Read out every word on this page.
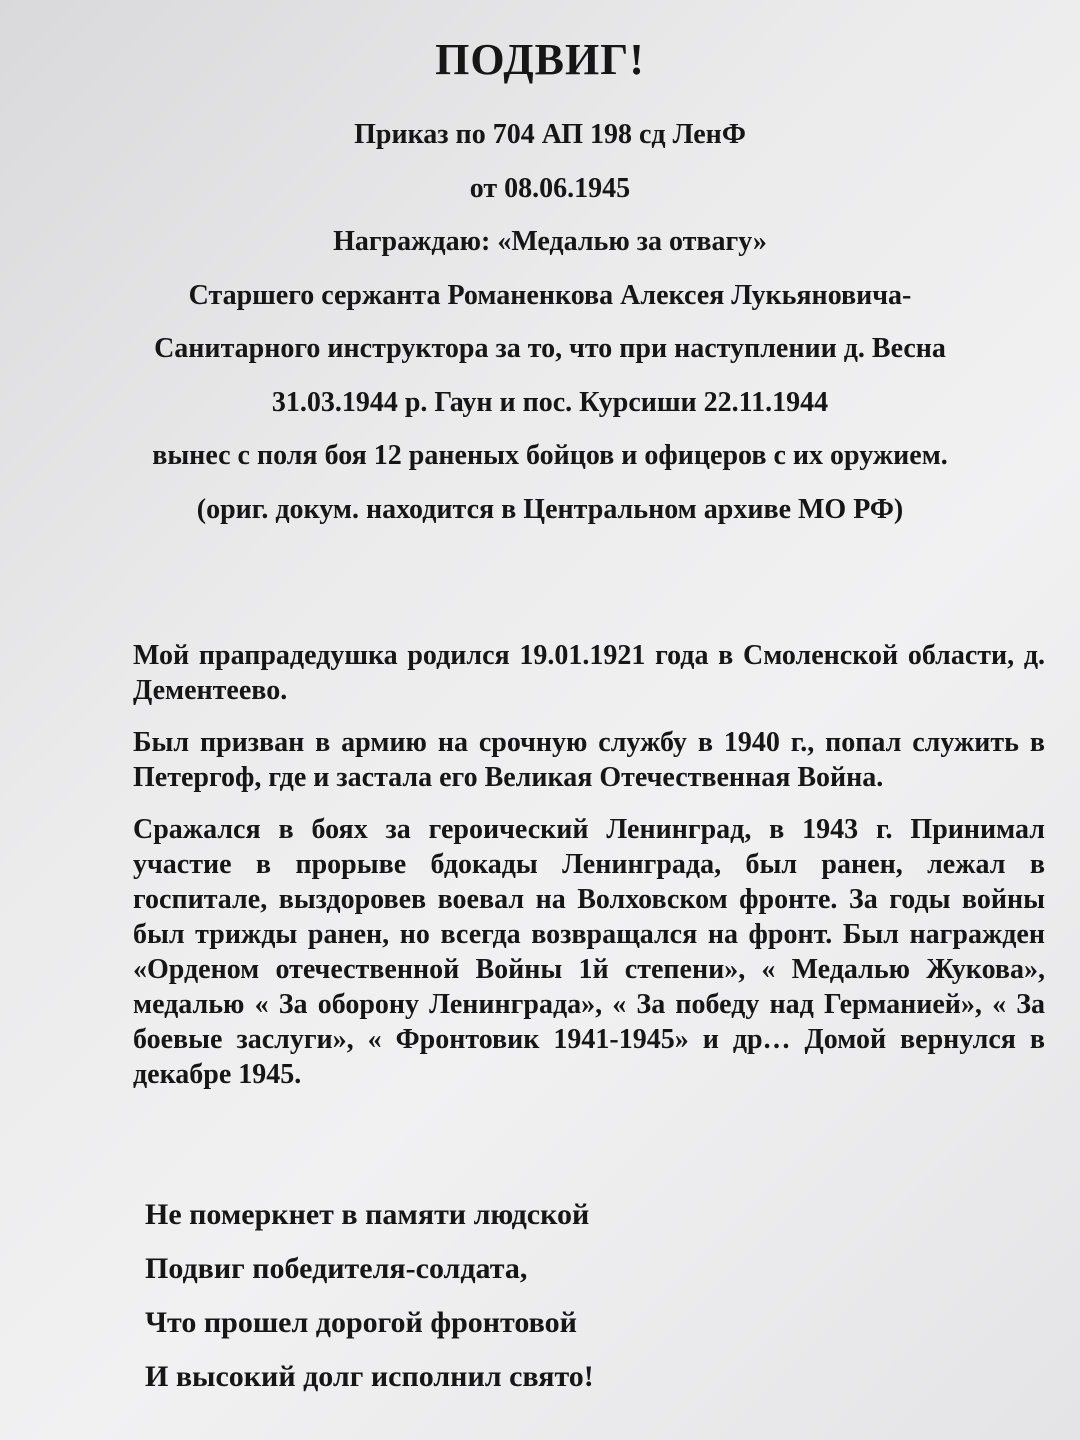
ПОДВИГ!
Приказ по 704 АП 198 сд ЛенФ
от 08.06.1945
Награждаю: «Медалью за отвагу»
Старшего сержанта Романенкова Алексея Лукьяновича-
Санитарного инструктора за то, что при наступлении д. Весна
31.03.1944 р. Гаун и пос. Курсиши 22.11.1944
вынес с поля боя 12 раненых бойцов и офицеров с их оружием.
(ориг. докум. находится в Центральном архиве МО РФ)

Мой прапрадедушка родился 19.01.1921 года в Смоленской области, д. Дементеево.

Был призван в армию на срочную службу в 1940 г., попал служить в Петергоф, где и застала его Великая Отечественная Война.

Сражался в боях за героический Ленинград, в 1943 г. Принимал участие в прорыве бдокады Ленинграда, был ранен, лежал в госпитале, выздоровев воевал на Волховском фронте. За годы войны был трижды ранен, но всегда возвращался на фронт. Был награжден «Орденом отечественной Войны 1й степени», « Медалью Жукова», медалью « За оборону Ленинграда», « За победу над Германией», « За боевые заслуги», « Фронтовик 1941-1945» и др… Домой вернулся в декабре 1945.

Не померкнет в памяти людской
Подвиг победителя-солдата,
Что прошел дорогой фронтовой
И высокий долг исполнил свято!
